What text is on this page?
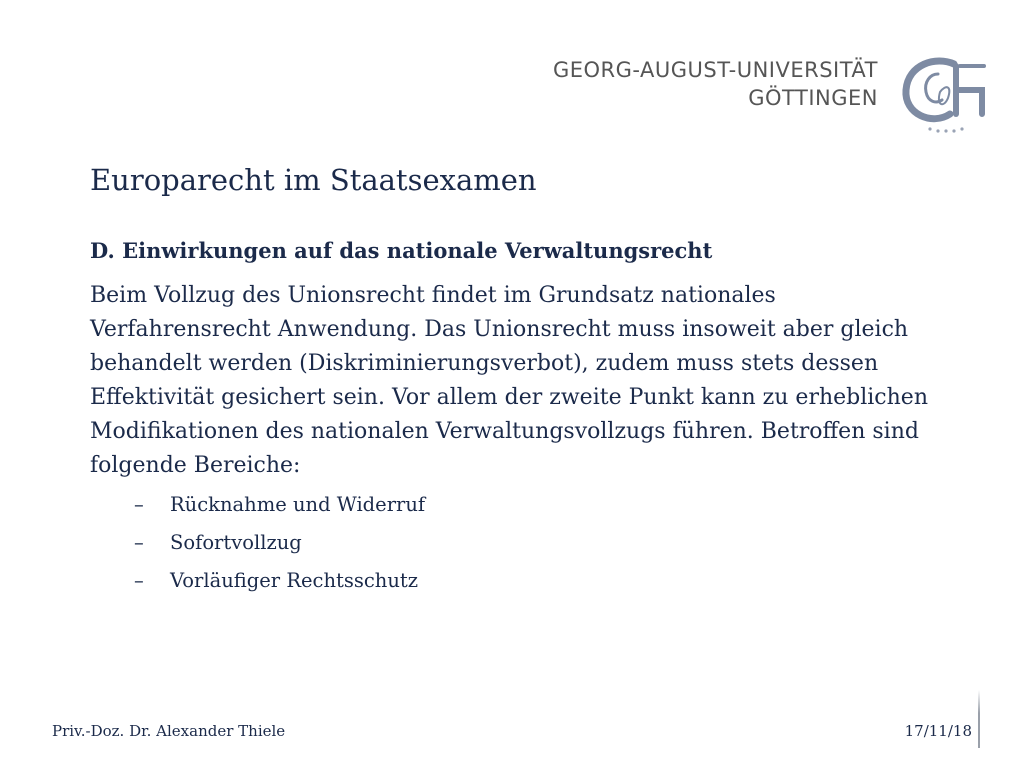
GEORG-AUGUST-UNIVERSITÄT
GÖTTINGEN
Europarecht im Staatsexamen
D. Einwirkungen auf das nationale Verwaltungsrecht

Beim Vollzug des Unionsrecht findet im Grundsatz nationales Verfahrensrecht Anwendung. Das Unionsrecht muss insoweit aber gleich behandelt werden (Diskriminierungsverbot), zudem muss stets dessen Effektivität gesichert sein. Vor allem der zweite Punkt kann zu erheblichen Modifikationen des nationalen Verwaltungsvollzugs führen. Betroffen sind folgende Bereiche:

– Rücknahme und Widerruf
– Sofortvollzug
– Vorläufiger Rechtsschutz
Priv.-Doz. Dr. Alexander Thiele	17/11/18
